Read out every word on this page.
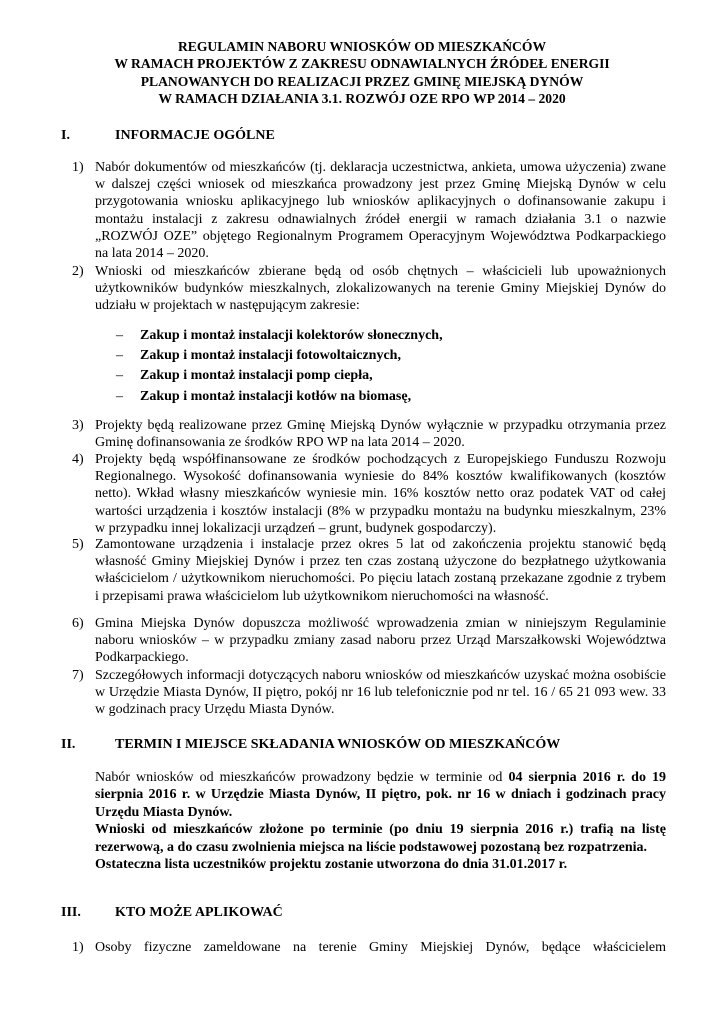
REGULAMIN NABORU WNIOSKÓW OD MIESZKAŃCÓW
W RAMACH PROJEKTÓW Z ZAKRESU ODNAWIALNYCH ŹRÓDEŁ ENERGII
PLANOWANYCH DO REALIZACJI PRZEZ GMINĘ MIEJSKĄ DYNÓW
W RAMACH DZIAŁANIA 3.1. ROZWÓJ OZE RPO WP 2014 – 2020
I.	INFORMACJE OGÓLNE
1) Nabór dokumentów od mieszkańców (tj. deklaracja uczestnictwa, ankieta, umowa użyczenia) zwane w dalszej części wniosek od mieszkańca prowadzony jest przez Gminę Miejską Dynów w celu przygotowania wniosku aplikacyjnego lub wniosków aplikacyjnych o dofinansowanie zakupu i montażu instalacji z zakresu odnawialnych źródeł energii w ramach działania 3.1 o nazwie „ROZWÓJ OZE” objętego Regionalnym Programem Operacyjnym Województwa Podkarpackiego na lata 2014 – 2020.
2) Wnioski od mieszkańców zbierane będą od osób chętnych – właścicieli lub upoważnionych użytkowników budynków mieszkalnych, zlokalizowanych na terenie Gminy Miejskiej Dynów do udziału w projektach w następującym zakresie:
– Zakup i montaż instalacji kolektorów słonecznych,
– Zakup i montaż instalacji fotowoltaicznych,
– Zakup i montaż instalacji pomp ciepła,
– Zakup i montaż instalacji kotłów na biomasę,
3) Projekty będą realizowane przez Gminę Miejską Dynów wyłącznie w przypadku otrzymania przez Gminę dofinansowania ze środków RPO WP na lata 2014 – 2020.
4) Projekty będą współfinansowane ze środków pochodzących z Europejskiego Funduszu Rozwoju Regionalnego. Wysokość dofinansowania wyniesie do 84% kosztów kwalifikowanych (kosztów netto). Wkład własny mieszkańców wyniesie min. 16% kosztów netto oraz podatek VAT od całej wartości urządzenia i kosztów instalacji (8% w przypadku montażu na budynku mieszkalnym, 23% w przypadku innej lokalizacji urządzeń – grunt, budynek gospodarczy).
5) Zamontowane urządzenia i instalacje przez okres 5 lat od zakończenia projektu stanowić będą własność Gminy Miejskiej Dynów i przez ten czas zostaną użyczone do bezpłatnego użytkowania właścicielom / użytkownikom nieruchomości. Po pięciu latach zostaną przekazane zgodnie z trybem i przepisami prawa właścicielom lub użytkownikom nieruchomości na własność.
6) Gmina Miejska Dynów dopuszcza możliwość wprowadzenia zmian w niniejszym Regulaminie naboru wniosków – w przypadku zmiany zasad naboru przez Urząd Marszałkowski Województwa Podkarpackiego.
7) Szczegółowych informacji dotyczących naboru wniosków od mieszkańców uzyskać można osobiście w Urzędzie Miasta Dynów, II piętro, pokój nr 16 lub telefonicznie pod nr tel. 16 / 65 21 093 wew. 33 w godzinach pracy Urzędu Miasta Dynów.
II.	TERMIN I MIEJSCE SKŁADANIA WNIOSKÓW OD MIESZKAŃCÓW

Nabór wniosków od mieszkańców prowadzony będzie w terminie od 04 sierpnia 2016 r. do 19 sierpnia 2016 r. w Urzędzie Miasta Dynów, II piętro, pok. nr 16 w dniach i godzinach pracy Urzędu Miasta Dynów.

Wnioski od mieszkańców złożone po terminie (po dniu 19 sierpnia 2016 r.) trafią na listę rezerwową, a do czasu zwolnienia miejsca na liście podstawowej pozostaną bez rozpatrzenia.

Ostateczna lista uczestników projektu zostanie utworzona do dnia 31.01.2017 r.

III. KTO MOŻE APLIKOWAĆ
1) Osoby fizyczne zameldowane na terenie Gminy Miejskiej Dynów, będące właścicielem
